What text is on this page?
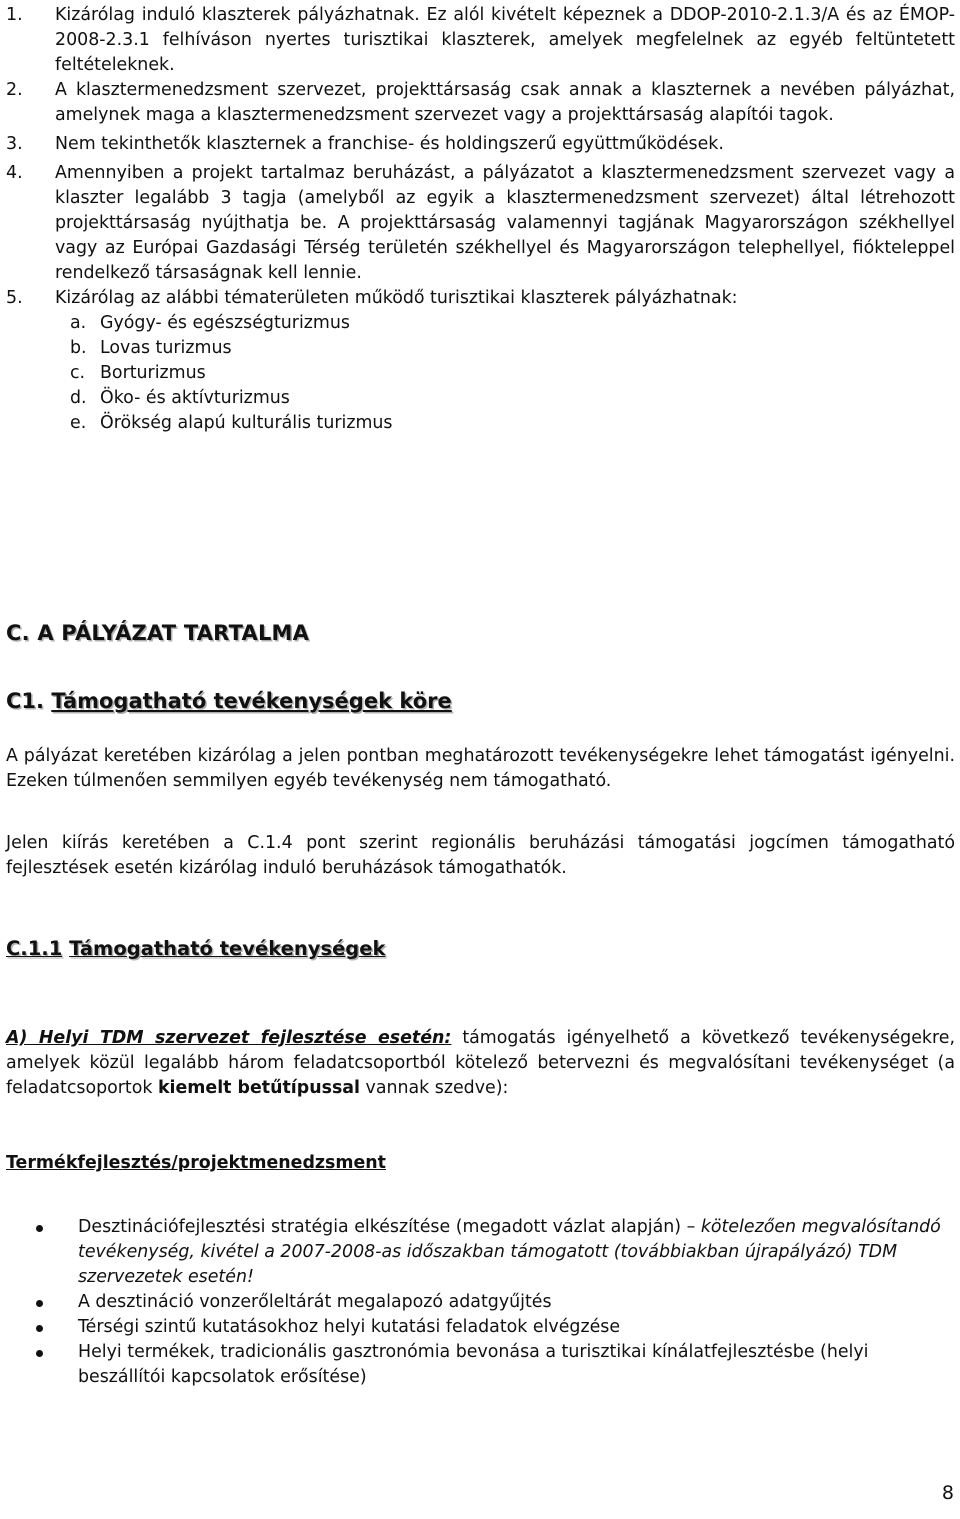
1.	Kizárólag induló klaszterek pályázhatnak. Ez alól kivételt képeznek a DDOP-2010-2.1.3/A és az ÉMOP-2008-2.3.1 felhíváson nyertes turisztikai klaszterek, amelyek megfelelnek az egyéb feltüntetett feltételeknek.
2.	A klasztermenedzsment szervezet, projekttársaság csak annak a klaszternek a nevében pályázhat, amelynek maga a klasztermenedzsment szervezet vagy a projekttársaság alapítói tagok.
3.	Nem tekinthetők klaszternek a franchise- és holdingszerű együttműködések.
4.	Amennyiben a projekt tartalmaz beruházást, a pályázatot a klasztermenedzsment szervezet vagy a klaszter legalább 3 tagja (amelyből az egyik a klasztermenedzsment szervezet) által létrehozott projekttársaság nyújthatja be. A projekttársaság valamennyi tagjának Magyarországon székhellyel vagy az Európai Gazdasági Térség területén székhellyel és Magyarországon telephellyel, fiókteleppel rendelkező társaságnak kell lennie.
5.	Kizárólag az alábbi tématerületen működő turisztikai klaszterek pályázhatnak:
a. Gyógy- és egészségturizmus
b. Lovas turizmus
c. Borturizmus
d. Öko- és aktívturizmus
e. Örökség alapú kulturális turizmus
C. A PÁLYÁZAT TARTALMA
C1. Támogatható tevékenységek köre

A pályázat keretében kizárólag a jelen pontban meghatározott tevékenységekre lehet támogatást igényelni. Ezeken túlmenően semmilyen egyéb tevékenység nem támogatható.

Jelen kiírás keretében a C.1.4 pont szerint regionális beruházási támogatási jogcímen támogatható fejlesztések esetén kizárólag induló beruházások támogathatók.

C.1.1 Támogatható tevékenységek

A) Helyi TDM szervezet fejlesztése esetén: támogatás igényelhető a következő tevékenységekre, amelyek közül legalább három feladatcsoportból kötelező betervezni és megvalósítani tevékenységet (a feladatcsoportok kiemelt betűtípussal vannak szedve):

Termékfejlesztés/projektmenedzsment

Desztinációfejlesztési stratégia elkészítése (megadott vázlat alapján) – kötelezően megvalósítandó tevékenység, kivétel a 2007-2008-as időszakban támogatott (továbbiakban újrapályázó) TDM szervezetek esetén!
A desztináció vonzerőleltárát megalapozó adatgyűjtés
Térségi szintű kutatásokhoz helyi kutatási feladatok elvégzése
Helyi termékek, tradicionális gasztronómia bevonása a turisztikai kínálatfejlesztésbe (helyi beszállítói kapcsolatok erősítése)
8
